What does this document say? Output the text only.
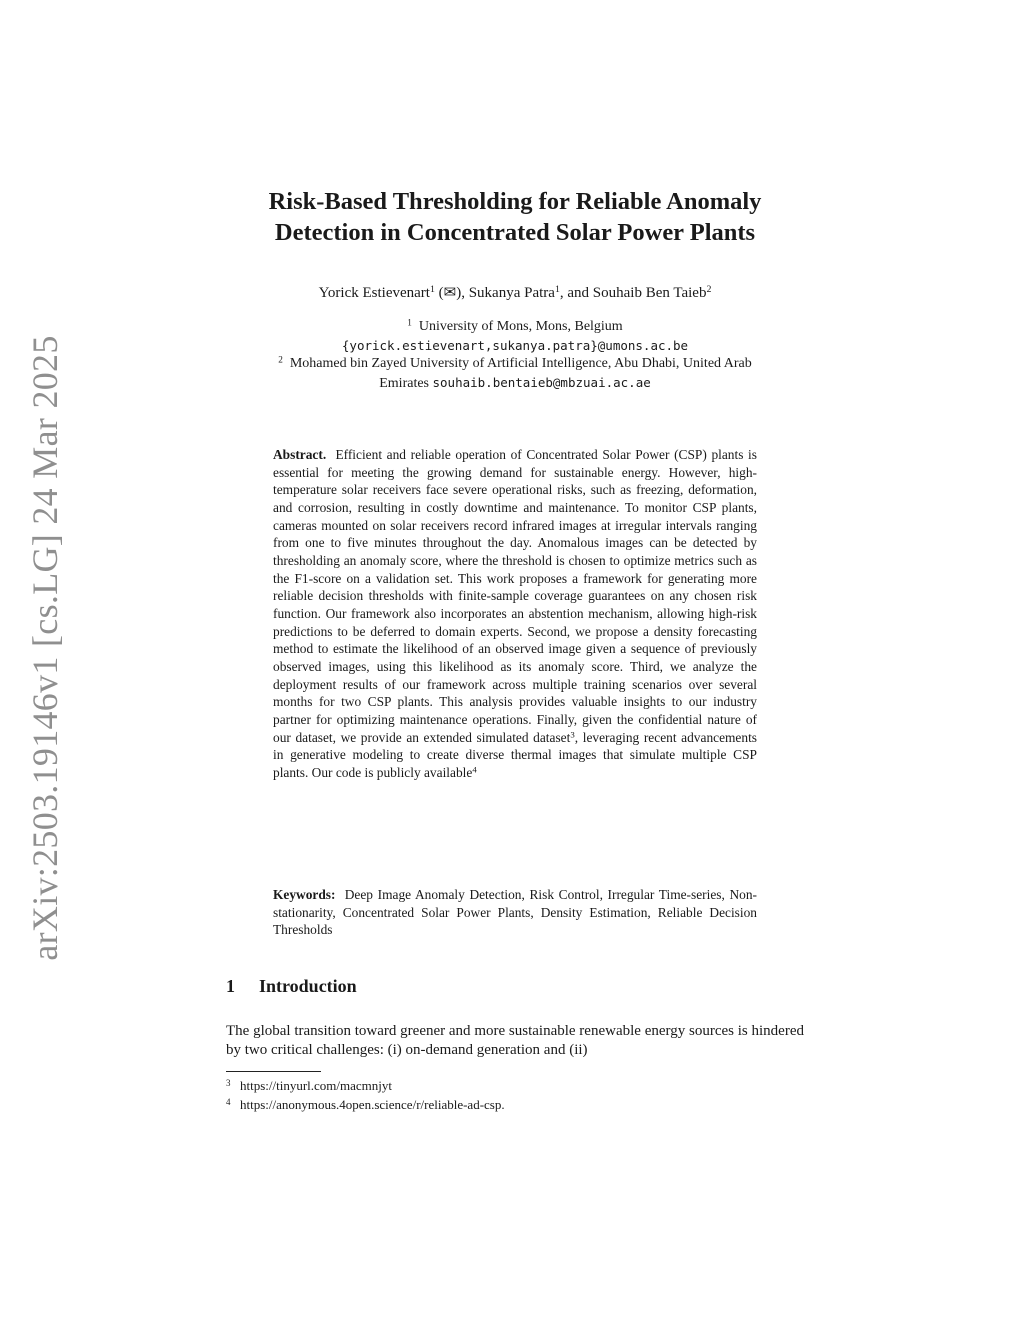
arXiv:2503.19146v1 [cs.LG] 24 Mar 2025
Risk-Based Thresholding for Reliable Anomaly
Detection in Concentrated Solar Power Plants
Yorick Estievenart$^1$ (✉), Sukanya Patra$^1$, and Souhaib Ben Taieb$^2$
$^1$ University of Mons, Mons, Belgium
{yorick.estievenart,sukanya.patra}@umons.ac.be
$^2$ Mohamed bin Zayed University of Artificial Intelligence, Abu Dhabi, United Arab
Emirates souhaib.bentaieb@mbzuai.ac.ae

Abstract. Efficient and reliable operation of Concentrated Solar Power (CSP) plants is essential for meeting the growing demand for sustainable energy. However, high-temperature solar receivers face severe operational risks, such as freezing, deformation, and corrosion, resulting in costly downtime and maintenance. To monitor CSP plants, cameras mounted on solar receivers record infrared images at irregular intervals ranging from one to five minutes throughout the day. Anomalous images can be detected by thresholding an anomaly score, where the threshold is chosen to optimize metrics such as the F1-score on a validation set. This work proposes a framework for generating more reliable decision thresholds with finite-sample coverage guarantees on any chosen risk function. Our framework also incorporates an abstention mechanism, allowing high-risk predictions to be deferred to domain experts. Second, we propose a density forecasting method to estimate the likelihood of an observed image given a sequence of previously observed images, using this likelihood as its anomaly score. Third, we analyze the deployment results of our framework across multiple training scenarios over several months for two CSP plants. This analysis provides valuable insights to our industry partner for optimizing maintenance operations. Finally, given the confidential nature of our dataset, we provide an extended simulated dataset$^3$, leveraging recent advancements in generative modeling to create diverse thermal images that simulate multiple CSP plants. Our code is publicly available$^4$

Keywords: Deep Image Anomaly Detection, Risk Control, Irregular Time-series, Non-stationarity, Concentrated Solar Power Plants, Density Estimation, Reliable Decision Thresholds

1 Introduction

The global transition toward greener and more sustainable renewable energy sources is hindered by two critical challenges: (i) on-demand generation and (ii)

$^3$ https://tinyurl.com/macmnjyt
$^4$ https://anonymous.4open.science/r/reliable-ad-csp.
